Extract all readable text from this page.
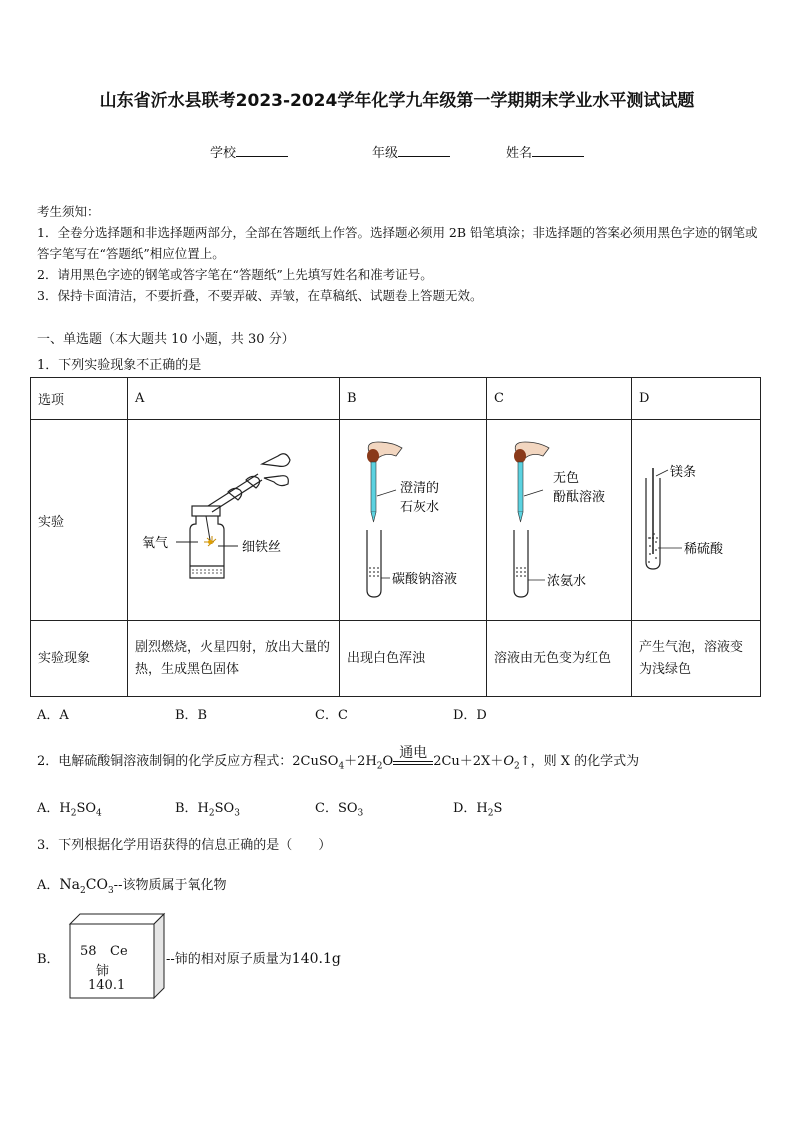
山东省沂水县联考2023-2024学年化学九年级第一学期期末学业水平测试试题
学校	年级	姓名

考生须知：

1．全卷分选择题和非选择题两部分，全部在答题纸上作答。选择题必须用 2B 铅笔填涂；非选择题的答案必须用黑色字迹的钢笔或答字笔写在“答题纸”相应位置上。

2．请用黑色字迹的钢笔或答字笔在“答题纸”上先填写姓名和准考证号。

3．保持卡面清洁，不要折叠，不要弄破、弄皱，在草稿纸、试题卷上答题无效。

一、单选题（本大题共 10 小题，共 30 分）
1．下列实验现象不正确的是
选项	A	B	C	D
实验	氧气 细铁丝	澄清的
石灰水
碳酸钠溶液	无色
酚酞溶液
浓氨水	镁条
稀硫酸

实验现象	剧烈燃烧，火星四射，放出大量的热，生成黑色固体	出现白色浑浊	溶液由无色变为红色	产生气泡，溶液变为浅绿色
A．A	B．B	C．C	D．D
2．电解硫酸铜溶液制铜的化学反应方程式：$2CuSO_4+2H_2O$
通电
$2Cu+2X+O_2↑$，则 X 的化学式为
A．$H_2SO_4$	B．$H_2SO_3$	C．$SO_3$	D．$H_2S$
3．下列根据化学用语获得的信息正确的是（　　）
A．$Na_2CO_3--$该物质属于氧化物
B．
58 Ce
铈
140.1
--铈的相对原子质量为140.1g
